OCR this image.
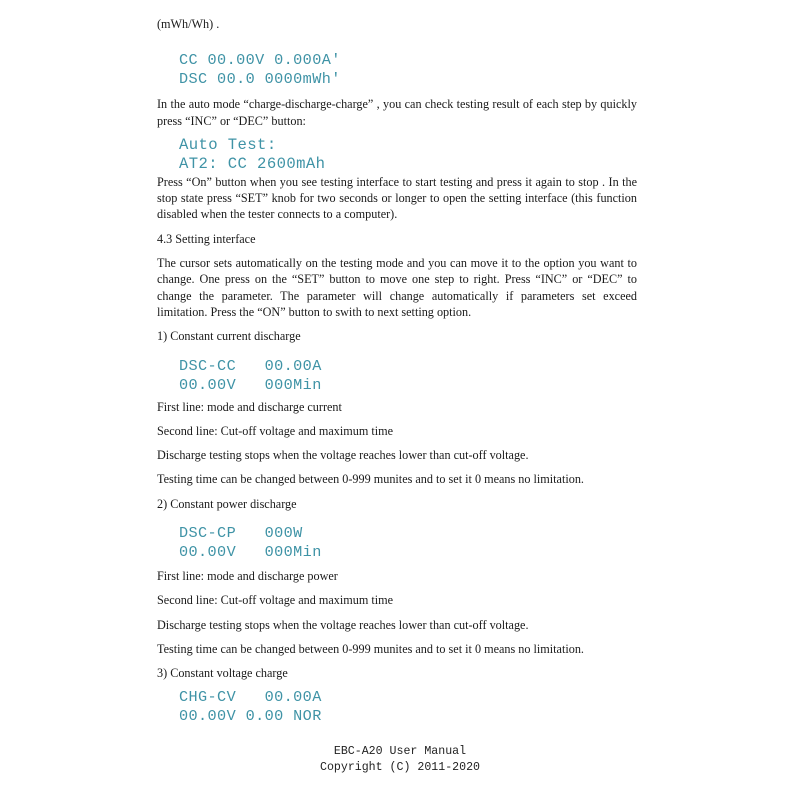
(mWh/Wh) .

CC 00.00V 0.000A'
DSC 00.0 0000mWh'

In the auto mode “charge-discharge-charge” , you can check testing result of each step by quickly press “INC” or “DEC” button:

Auto Test:
AT2: CC 2600mAh

Press “On” button when you see testing interface to start testing and press it again to stop . In the stop state press “SET” knob for two seconds or longer to open the setting interface (this function disabled when the tester connects to a computer).

4.3 Setting interface

The cursor sets automatically on the testing mode and you can move it to the option you want to change. One press on the “SET” button to move one step to right. Press “INC” or “DEC” to change the parameter. The parameter will change automatically if parameters set exceed limitation. Press the “ON” button to swith to next setting option.

1) Constant current discharge

DSC-CC   00.00A
00.00V   000Min

First line: mode and discharge current

Second line: Cut-off voltage and maximum time

Discharge testing stops when the voltage reaches lower than cut-off voltage.

Testing time can be changed between 0-999 munites and to set it 0 means no limitation.

2) Constant power discharge

DSC-CP   000W
00.00V   000Min

First line: mode and discharge power

Second line: Cut-off voltage and maximum time

Discharge testing stops when the voltage reaches lower than cut-off voltage.

Testing time can be changed between 0-999 munites and to set it 0 means no limitation.

3) Constant voltage charge

CHG-CV   00.00A
00.00V 0.00 NOR
EBC-A20 User Manual
Copyright (C) 2011-2020
